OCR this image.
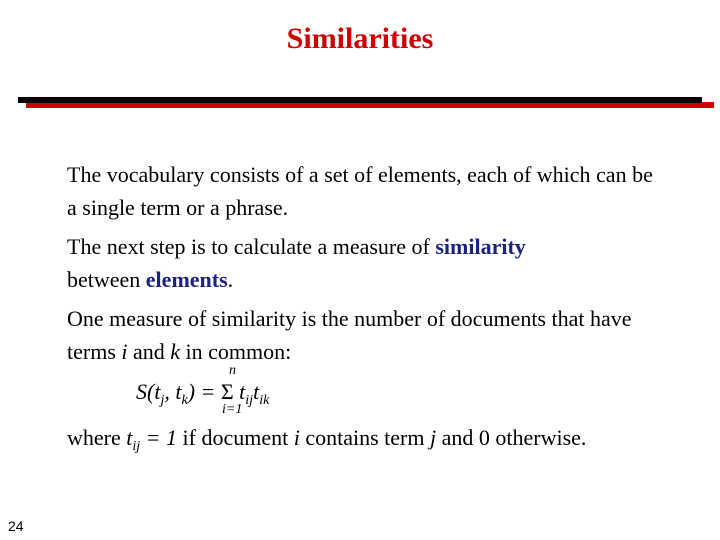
Similarities

The vocabulary consists of a set of elements, each of which can be a single term or a phrase.

The next step is to calculate a measure of similarity
between elements.

One measure of similarity is the number of documents that have terms i and k in common:

n
$S(t_j$, $t_k) = \Sigma$ $t_{ij}t_{ik}$
i=1
where $t_{ij} = 1$ if document i contains term j and 0 otherwise.
24
